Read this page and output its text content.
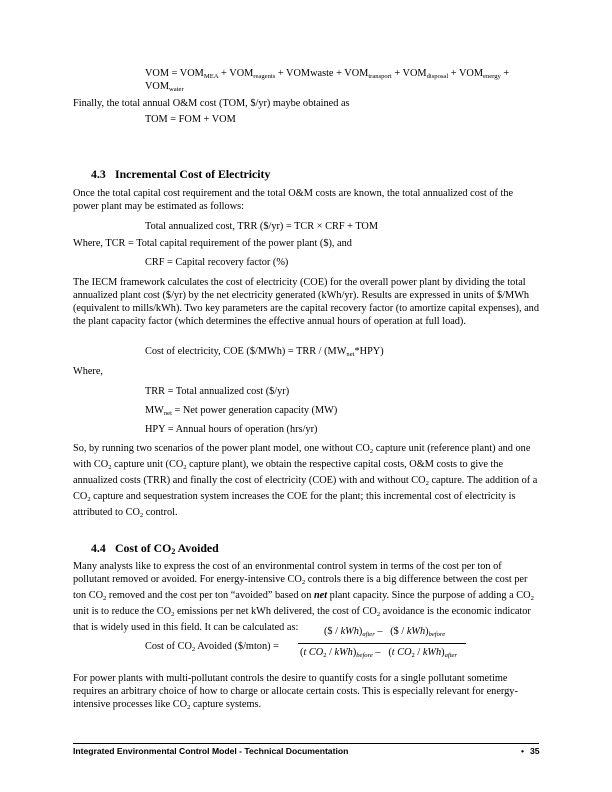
VOM = $VOM_{MEA} + VOM_{reagents}$ + VOMwaste + $VOM_{transport} + VOM_{disposal} + VOM_{energy}$ +
$VOM_{water}$

Finally, the total annual O&M cost (TOM, $/yr) maybe obtained as

TOM = FOM + VOM
4.3 Incremental Cost of Electricity

Once the total capital cost requirement and the total O&M costs are known, the total annualized cost of the power plant may be estimated as follows:

Total annualized cost, TRR ($/yr) = TCR × CRF + TOM

Where, TCR = Total capital requirement of the power plant ($), and

CRF = Capital recovery factor (%)

The IECM framework calculates the cost of electricity (COE) for the overall power plant by dividing the total annualized plant cost ($/yr) by the net electricity generated (kWh/yr). Results are expressed in units of $/MWh (equivalent to mills/kWh). Two key parameters are the capital recovery factor (to amortize capital expenses), and the plant capacity factor (which determines the effective annual hours of operation at full load).

Cost of electricity, COE ($/MWh) = TRR / $(MW_{net}*HPY)$

Where,

TRR = Total annualized cost ($/yr)
$MW_{net}$ = Net power generation capacity (MW)
HPY = Annual hours of operation (hrs/yr)

So, by running two scenarios of the power plant model, one without $CO_2$ capture unit (reference plant) and one with $CO_2$ capture unit ($CO_2$ capture plant), we obtain the respective capital costs, O&M costs to give the annualized costs (TRR) and finally the cost of electricity (COE) with and without $CO_2$ capture. The addition of a $CO_2$ capture and sequestration system increases the COE for the plant; this incremental cost of electricity is attributed to $CO_2$ control.

4.4 Cost of $CO_2$ Avoided

Many analysts like to express the cost of an environmental control system in terms of the cost per ton of pollutant removed or avoided. For energy-intensive $CO_2$ controls there is a big difference between the cost per ton $CO_2$ removed and the cost per ton “avoided” based on net plant capacity. Since the purpose of adding a $CO_2$ unit is to reduce the $CO_2$ emissions per net kWh delivered, the cost of $CO_2$ avoidance is the economic indicator that is widely used in this field. It can be calculated as:

Cost of $CO_2$ Avoided ($/mton) =
($ / $kWh)_{after}$ –   ($ / $kWh)_{before}$
(t $CO_2 / kWh)_{before} - (t$ $CO_2 / kWh)_{after}$

For power plants with multi-pollutant controls the desire to quantify costs for a single pollutant sometime requires an arbitrary choice of how to charge or allocate certain costs. This is especially relevant for energy-intensive processes like $CO_2$ capture systems.

Integrated Environmental Control Model - Technical Documentation	• 35
